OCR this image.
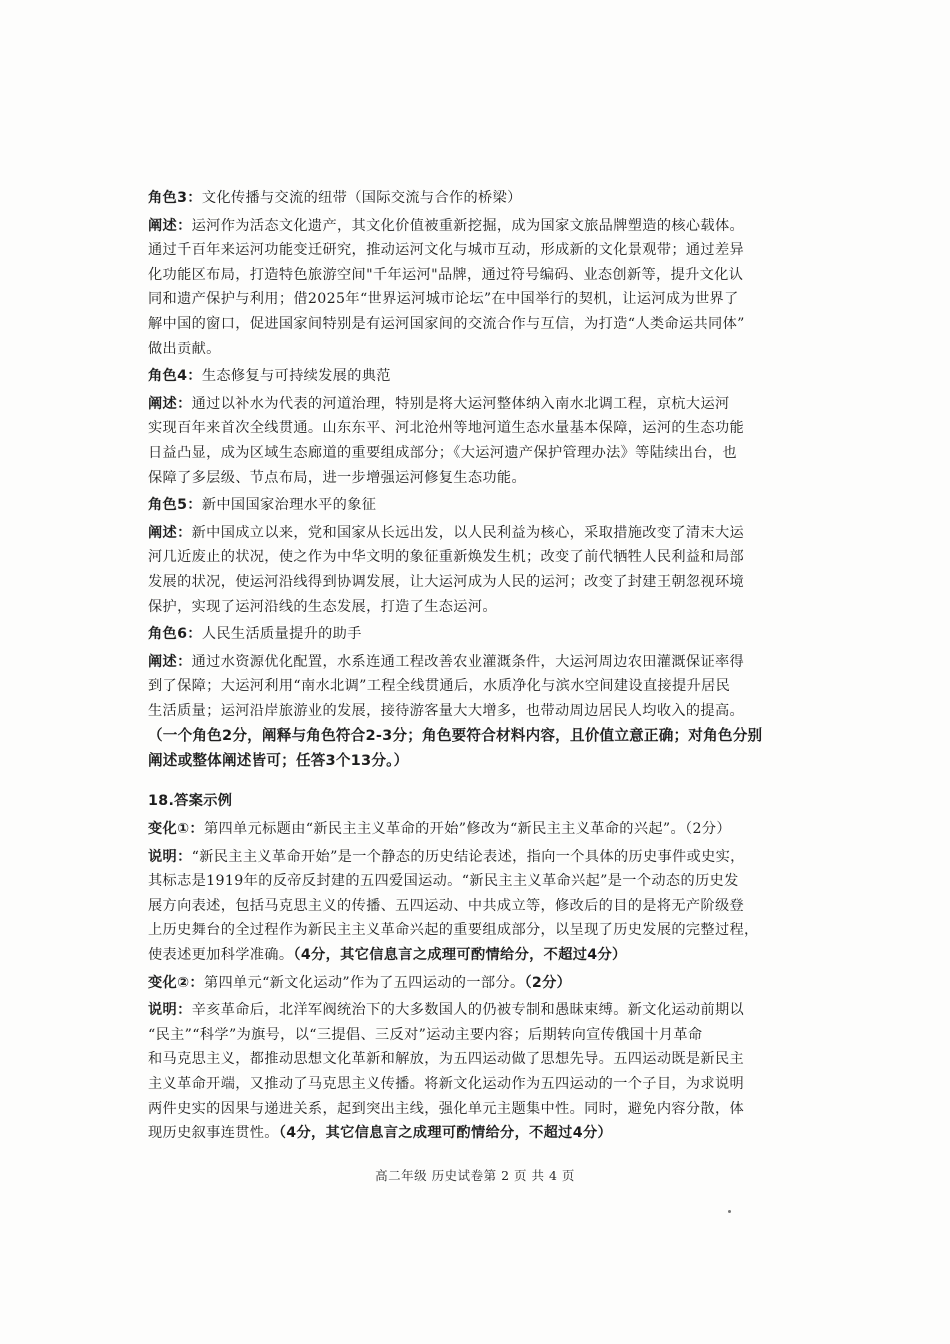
角色3：文化传播与交流的纽带（国际交流与合作的桥梁）
阐述：运河作为活态文化遗产，其文化价值被重新挖掘，成为国家文旅品牌塑造的核心载体。
通过千百年来运河功能变迁研究，推动运河文化与城市互动，形成新的文化景观带；通过差异
化功能区布局，打造特色旅游空间"千年运河"品牌，通过符号编码、业态创新等，提升文化认
同和遗产保护与利用；借2025年“世界运河城市论坛”在中国举行的契机，让运河成为世界了
解中国的窗口，促进国家间特别是有运河国家间的交流合作与互信，为打造“人类命运共同体”
做出贡献。
角色4：生态修复与可持续发展的典范
阐述：通过以补水为代表的河道治理，特别是将大运河整体纳入南水北调工程，京杭大运河
实现百年来首次全线贯通。山东东平、河北沧州等地河道生态水量基本保障，运河的生态功能
日益凸显，成为区域生态廊道的重要组成部分；《大运河遗产保护管理办法》等陆续出台，也
保障了多层级、节点布局，进一步增强运河修复生态功能。
角色5：新中国国家治理水平的象征
阐述：新中国成立以来，党和国家从长远出发，以人民利益为核心，采取措施改变了清末大运
河几近废止的状况，使之作为中华文明的象征重新焕发生机；改变了前代牺牲人民利益和局部
发展的状况，使运河沿线得到协调发展，让大运河成为人民的运河；改变了封建王朝忽视环境
保护，实现了运河沿线的生态发展，打造了生态运河。
角色6：人民生活质量提升的助手
阐述：通过水资源优化配置，水系连通工程改善农业灌溉条件，大运河周边农田灌溉保证率得
到了保障；大运河利用“南水北调”工程全线贯通后，水质净化与滨水空间建设直接提升居民
生活质量；运河沿岸旅游业的发展，接待游客量大大增多，也带动周边居民人均收入的提高。
（一个角色2分，阐释与角色符合2-3分；角色要符合材料内容，且价值立意正确；对角色分别
阐述或整体阐述皆可；任答3个13分。）
18.答案示例
变化①：第四单元标题由“新民主主义革命的开始”修改为“新民主主义革命的兴起”。（2分）
说明：“新民主主义革命开始”是一个静态的历史结论表述，指向一个具体的历史事件或史实，
其标志是1919年的反帝反封建的五四爱国运动。“新民主主义革命兴起”是一个动态的历史发
展方向表述，包括马克思主义的传播、五四运动、中共成立等，修改后的目的是将无产阶级登
上历史舞台的全过程作为新民主主义革命兴起的重要组成部分，以呈现了历史发展的完整过程，
使表述更加科学准确。（4分，其它信息言之成理可酌情给分，不超过4分）
变化②：第四单元“新文化运动”作为了五四运动的一部分。（2分）
说明：辛亥革命后，北洋军阀统治下的大多数国人的仍被专制和愚昧束缚。新文化运动前期以
“民主”“科学”为旗号，以“三提倡、三反对”运动主要内容；后期转向宣传俄国十月革命
和马克思主义，都推动思想文化革新和解放，为五四运动做了思想先导。五四运动既是新民主
主义革命开端，又推动了马克思主义传播。将新文化运动作为五四运动的一个子目，为求说明
两件史实的因果与递进关系，起到突出主线，强化单元主题集中性。同时，避免内容分散，体
现历史叙事连贯性。（4分，其它信息言之成理可酌情给分，不超过4分）
高二年级 历史试卷第 2 页 共 4 页
